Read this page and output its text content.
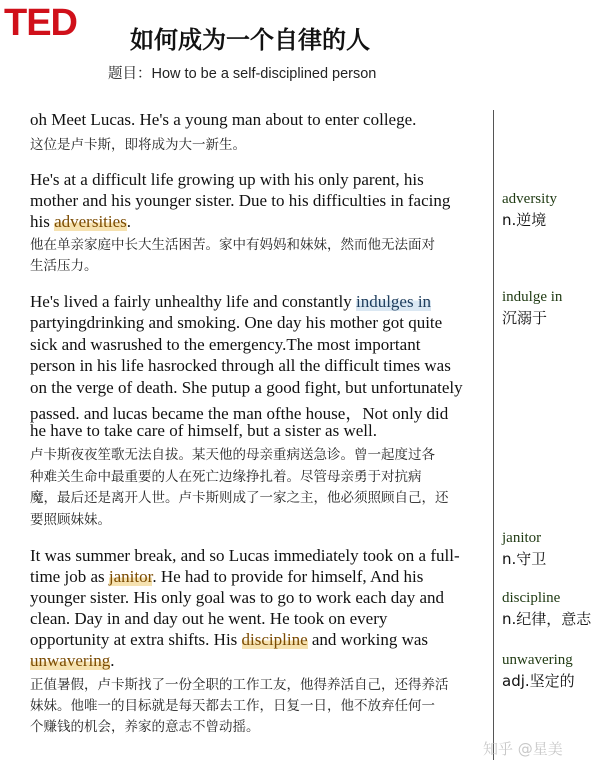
TED 如何成为一个自律的人
题目：How to be a self-disciplined person
oh Meet Lucas. He's a young man about to enter college.
这位是卢卡斯，即将成为大一新生。
He's at a difficult life growing up with his only parent, his
mother and his younger sister. Due to his difficulties in facing
his adversities.
他在单亲家庭中长大生活困苦。家中有妈妈和妹妹，然而他无法面对
生活压力。
He's lived a fairly unhealthy life and constantly indulges in
partyingdrinking and smoking. One day his mother got quite
sick and wasrushed to the emergency.The most important
person in his life hasrocked through all the difficult times was
on the verge of death. She putup a good fight, but unfortunately
passed. and lucas became the man ofthe house，Not only did
he have to take care of himself, but a sister as well.
卢卡斯夜夜笙歌无法自拔。某天他的母亲重病送急诊。曾一起度过各
种难关生命中最重要的人在死亡边缘挣扎着。尽管母亲勇于对抗病
魔，最后还是离开人世。卢卡斯则成了一家之主，他必须照顾自己，还
要照顾妹妹。
It was summer break, and so Lucas immediately took on a full-
time job as janitor. He had to provide for himself, And his
younger sister. His only goal was to go to work each day and
clean. Day in and day out he went. He took on every
opportunity at extra shifts. His discipline and working was
unwavering.
正值暑假，卢卡斯找了一份全职的工作工友，他得养活自己，还得养活
妹妹。他唯一的目标就是每天都去工作，日复一日，他不放弃任何一
个赚钱的机会，养家的意志不曾动摇。
adversity
n.逆境
indulge in
沉溺于
janitor
n.守卫
discipline
n.纪律，意志
unwavering
adj.坚定的
知乎 @星美
